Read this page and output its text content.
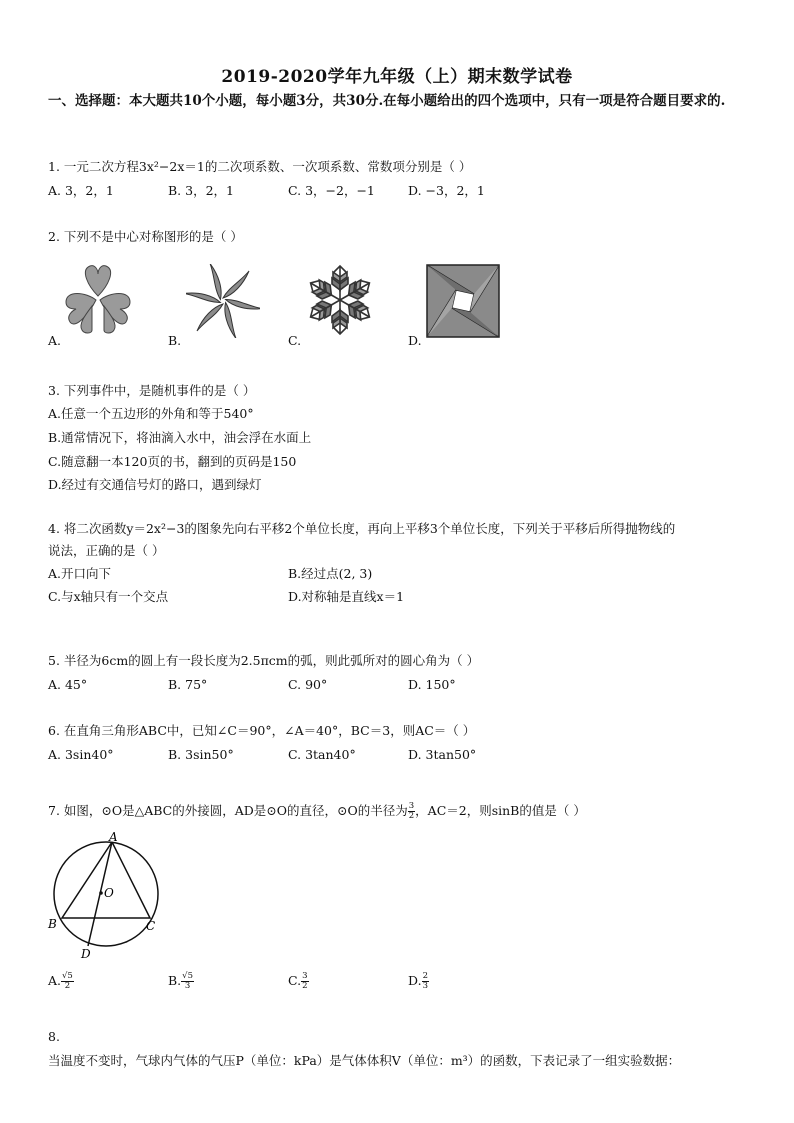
2019-2020学年九年级（上）期末数学试卷
一、选择题：本大题共10个小题，每小题3分，共30分.在每小题给出的四个选项中，只有一项是符合题目要求的.
1. 一元二次方程3x²−2x＝1的二次项系数、一次项系数、常数项分别是（ ）
A. 3，2，1	B. 3，2，1	C. 3，−2，−1	D. −3，2，1
2. 下列不是中心对称图形的是（ ）
A.	B.	C.	D.
3. 下列事件中，是随机事件的是（ ）
A.任意一个五边形的外角和等于540°
B.通常情况下，将油滴入水中，油会浮在水面上
C.随意翻一本120页的书，翻到的页码是150
D.经过有交通信号灯的路口，遇到绿灯
4. 将二次函数y＝2x²−3的图象先向右平移2个单位长度，再向上平移3个单位长度，下列关于平移后所得抛物线的
说法，正确的是（ ）
A.开口向下	B.经过点(2, 3)
C.与x轴只有一个交点	D.对称轴是直线x＝1
5. 半径为6cm的圆上有一段长度为2.5πcm的弧，则此弧所对的圆心角为（ ）
A. 45°	B. 75°	C. 90°	D. 150°
6. 在直角三角形ABC中，已知∠C＝90°，∠A＝40°，BC＝3，则AC＝（ ）
A. 3sin40°	B. 3sin50°	C. 3tan40°	D. 3tan50°
7. 如图，⊙O是△ABC的外接圆，AD是⊙O的直径，⊙O的半径为 $\frac{3}{2}$ ，AC＝2，则sinB的值是（ ）
A
O
B	C
D
A. $\frac{√5}{2}$	B. $\frac{√5}{3}$	C. $\frac{3}{2}$	D. $\frac{2}{3}$
8.
当温度不变时，气球内气体的气压P（单位：kPa）是气体体积V（单位：m³）的函数，下表记录了一组实验数据：
